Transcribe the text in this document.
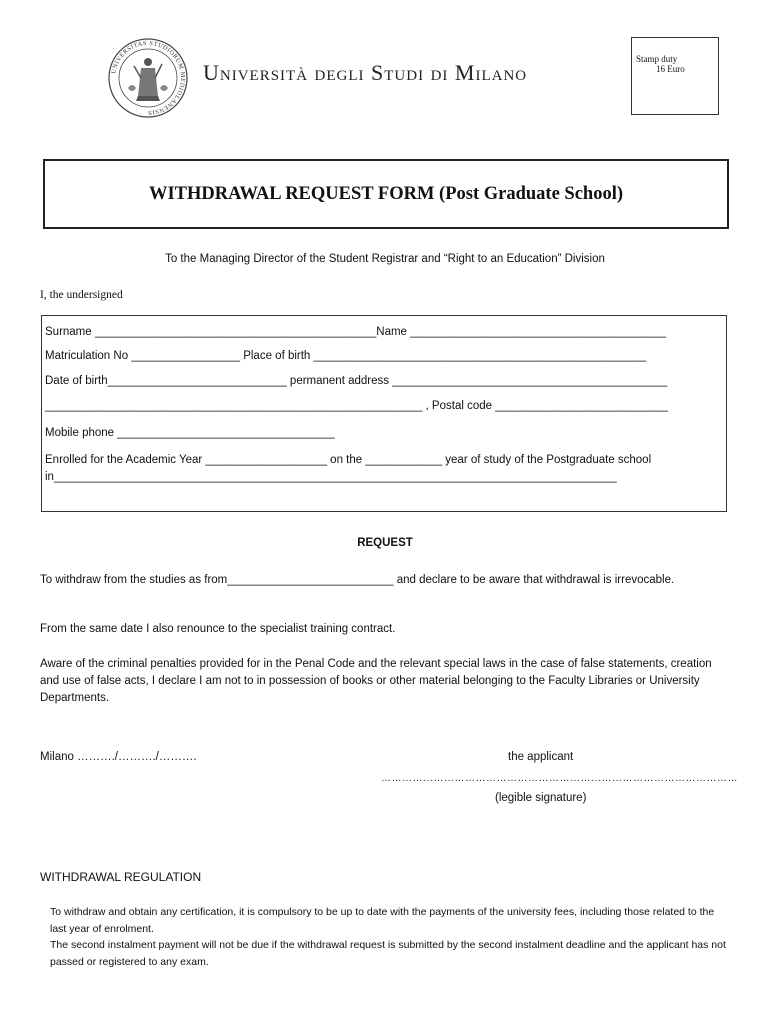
UNIVERSITAS STUDIORUM MEDIOLANENSIS
Università degli Studi di Milano
Stamp duty
16 Euro
WITHDRAWAL REQUEST FORM (Post Graduate School)
To the Managing Director of the Student Registrar and “Right to an Education” Division
I, the undersigned
Surname ____________________________________________Name ________________________________________
Matriculation No _________________ Place of birth ____________________________________________________
Date of birth____________________________ permanent address ___________________________________________
___________________________________________________________ , Postal code ___________________________
Mobile phone __________________________________
Enrolled for the Academic Year ___________________ on the ____________ year of study of the Postgraduate school
in________________________________________________________________________________________
REQUEST
To withdraw from the studies as from__________________________ and declare to be aware that withdrawal is irrevocable.
From the same date I also renounce to the specialist training contract.
Aware of the criminal penalties provided for in the Penal Code and the relevant special laws in the case of false statements, creation and use of false acts, I declare I am not to in possession of books or other material belonging to the Faculty Libraries or University Departments.
Milano ………./………./……….	the applicant
…………………………………………………………………………………………
(legible signature)
WITHDRAWAL REGULATION
To withdraw and obtain any certification, it is compulsory to be up to date with the payments of the university fees, including those related to the last year of enrolment.
The second instalment payment will not be due if the withdrawal request is submitted by the second instalment deadline and the applicant has not passed or registered to any exam.
